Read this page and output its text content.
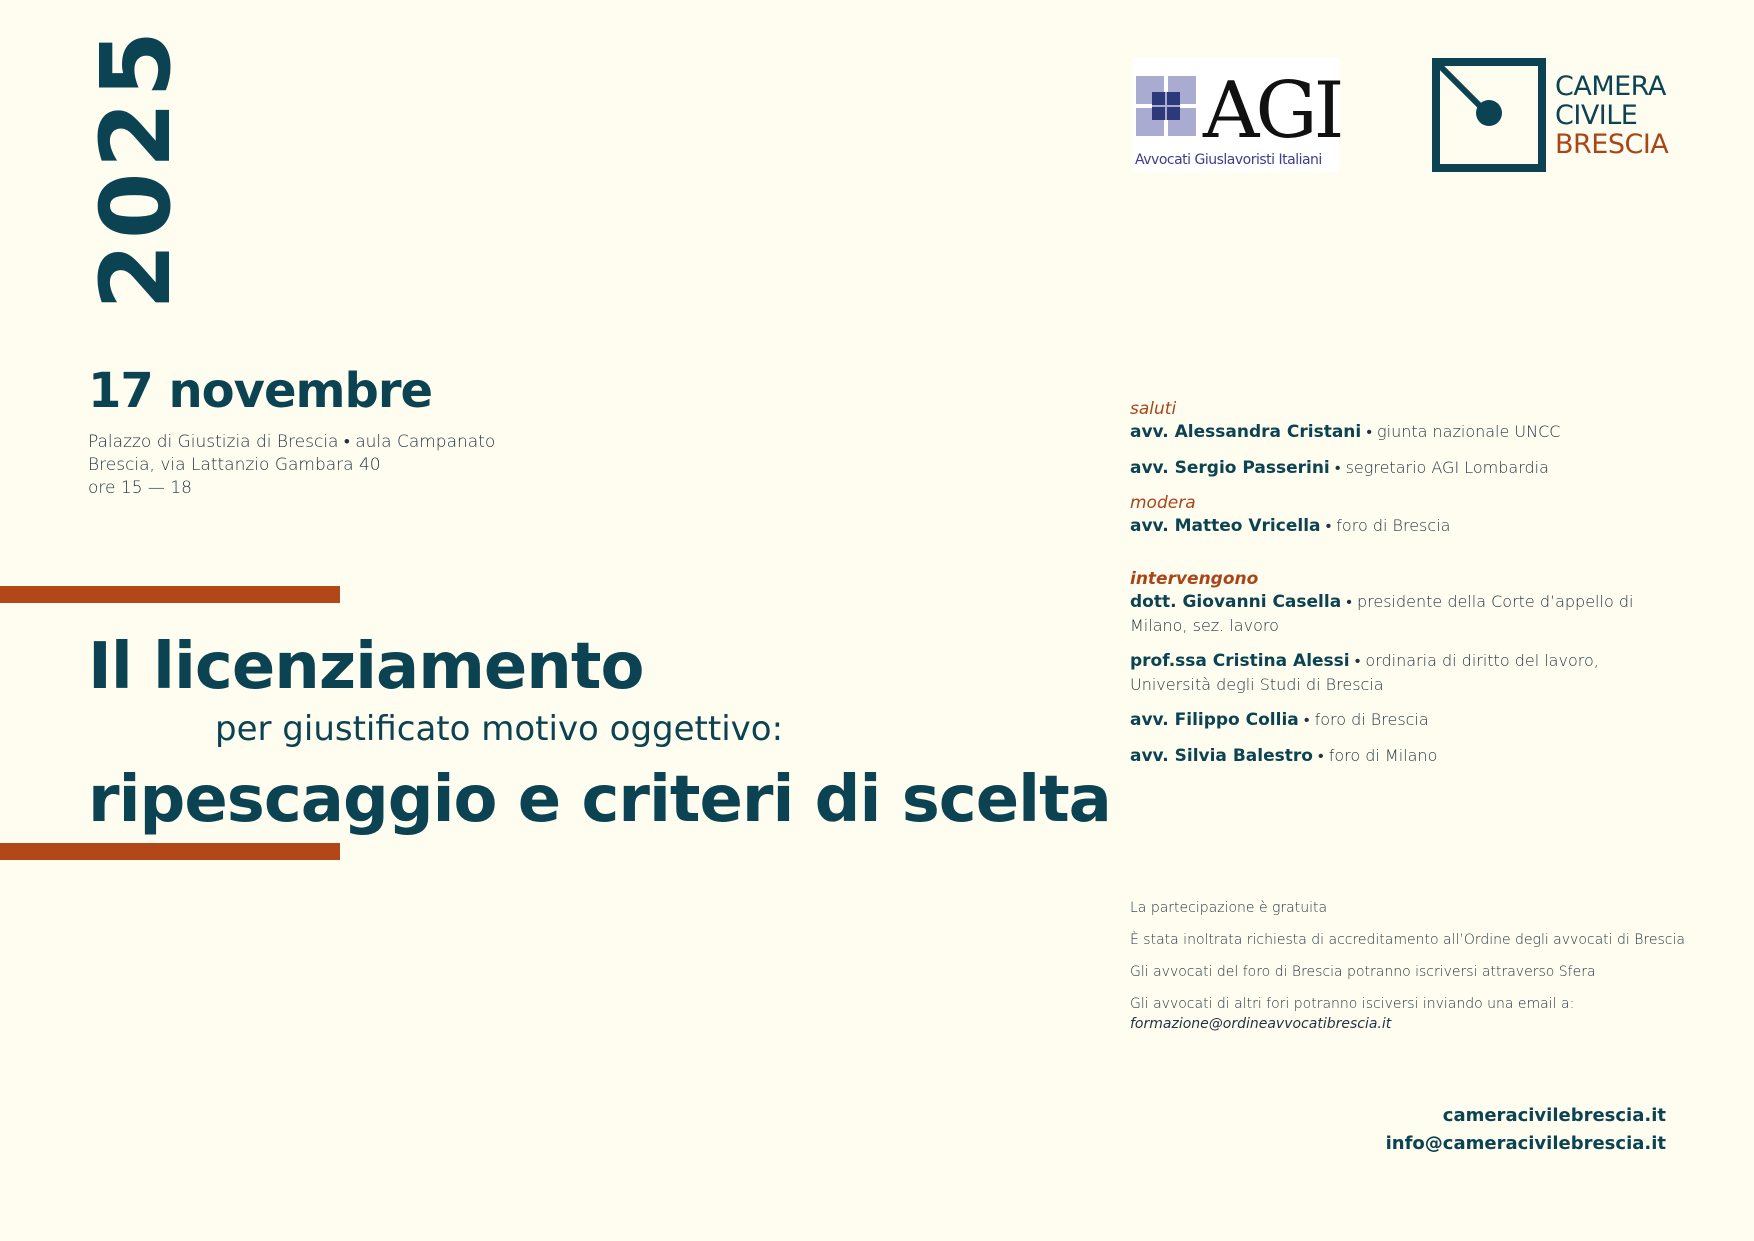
2025
17 novembre
Palazzo di Giustizia di Brescia • aula Campanato
Brescia, via Lattanzio Gambara 40
ore 15 — 18
Il licenziamento
per giustificato motivo oggettivo:
ripescaggio e criteri di scelta
AGI
Avvocati Giuslavoristi Italiani
CAMERA
CIVILE
BRESCIA
saluti
avv. Alessandra Cristani • giunta nazionale UNCC
avv. Sergio Passerini • segretario AGI Lombardia
modera
avv. Matteo Vricella • foro di Brescia
intervengono
dott. Giovanni Casella • presidente della Corte d’appello di Milano, sez. lavoro
prof.ssa Cristina Alessi • ordinaria di diritto del lavoro, Università degli Studi di Brescia
avv. Filippo Collia • foro di Brescia
avv. Silvia Balestro • foro di Milano
La partecipazione è gratuita
È stata inoltrata richiesta di accreditamento all’Ordine degli avvocati di Brescia
Gli avvocati del foro di Brescia potranno iscriversi attraverso Sfera
Gli avvocati di altri fori potranno isciversi inviando una email a:
formazione@ordineavvocatibrescia.it
cameracivilebrescia.it
info@cameracivilebrescia.it
